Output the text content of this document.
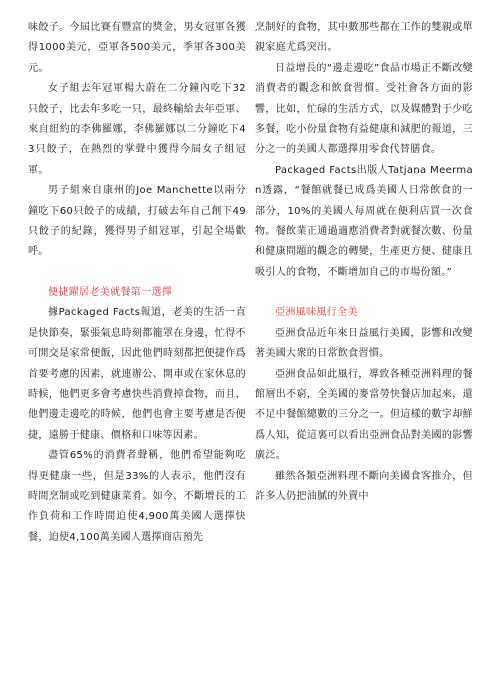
味餃子。今屆比賽有豐富的獎金，男女冠軍各獲得1000美元，亞軍各500美元，季軍各300美元。

女子組去年冠軍楊大蔚在二分鐘內吃下32只餃子，比去年多吃一只，最終輸給去年亞軍、來自紐約的李佛羅娜，李佛羅娜以二分鐘吃下43只餃子，在熱烈的掌聲中獲得今屆女子組冠軍。

男子組來自康州的Joe Manchette以兩分鐘吃下60只餃子的成績，打破去年自己創下49只餃子的紀錄，獲得男子組冠軍，引起全場歡呼。

便捷躍居老美就餐第一選擇

據Packaged Facts報道，老美的生活一直是快節奏，緊張氣息時刻都籠罩在身邊，忙得不可開交是家常便飯，因此他們時刻都把便捷作爲首要考慮的因素，就連辦公、開車或在家休息的時候，他們更多會考慮快些消費掉食物，而且，他們邊走邊吃的時候，他們也會主要考慮是否便捷，遠勝于健康、價格和口味等因素。

盡管65%的消費者聲稱，他們希望能夠吃得更健康一些，但是33%的人表示，他們沒有時間烹制或吃到健康菜肴。如今，不斷增長的工作負荷和工作時間迫使4,900萬美國人選擇快餐，迫使4,100萬美國人選擇商店預先

烹制好的食物，其中數那些都在工作的雙親或單親家庭尤爲突出。

日益增長的“邊走邊吃”食品市場正不斷改變消費者的觀念和飲食習慣。受社會各方面的影響，比如，忙碌的生活方式，以及媒體對于少吃多餐，吃小份量食物有益健康和減肥的報道，三分之一的美國人都選擇用零食代替膳食。

Packaged Facts出版人Tatjana Meerman透露，“餐館就餐已成爲美國人日常飲食的一部分，10%的美國人每周就在便利店買一次食物。餐飲業正通過適應消費者對就餐次數、份量和健康問題的觀念的轉變，生產更方便、健康且吸引人的食物，不斷增加自己的市場份額。”

亞洲風味風行全美

亞洲食品近年來日益風行美國，影響和改變著美國大衆的日常飲食習慣。

亞洲食品如此風行，導致各種亞洲料理的餐館層出不窮，全美國的麥當勞快餐店加起來，還不足中餐館總數的三分之一。但這樣的數字却鮮爲人知，從這裏可以看出亞洲食品對美國的影響廣泛。

雖然各類亞洲料理不斷向美國食客推介，但許多人仍把油膩的外賣中
